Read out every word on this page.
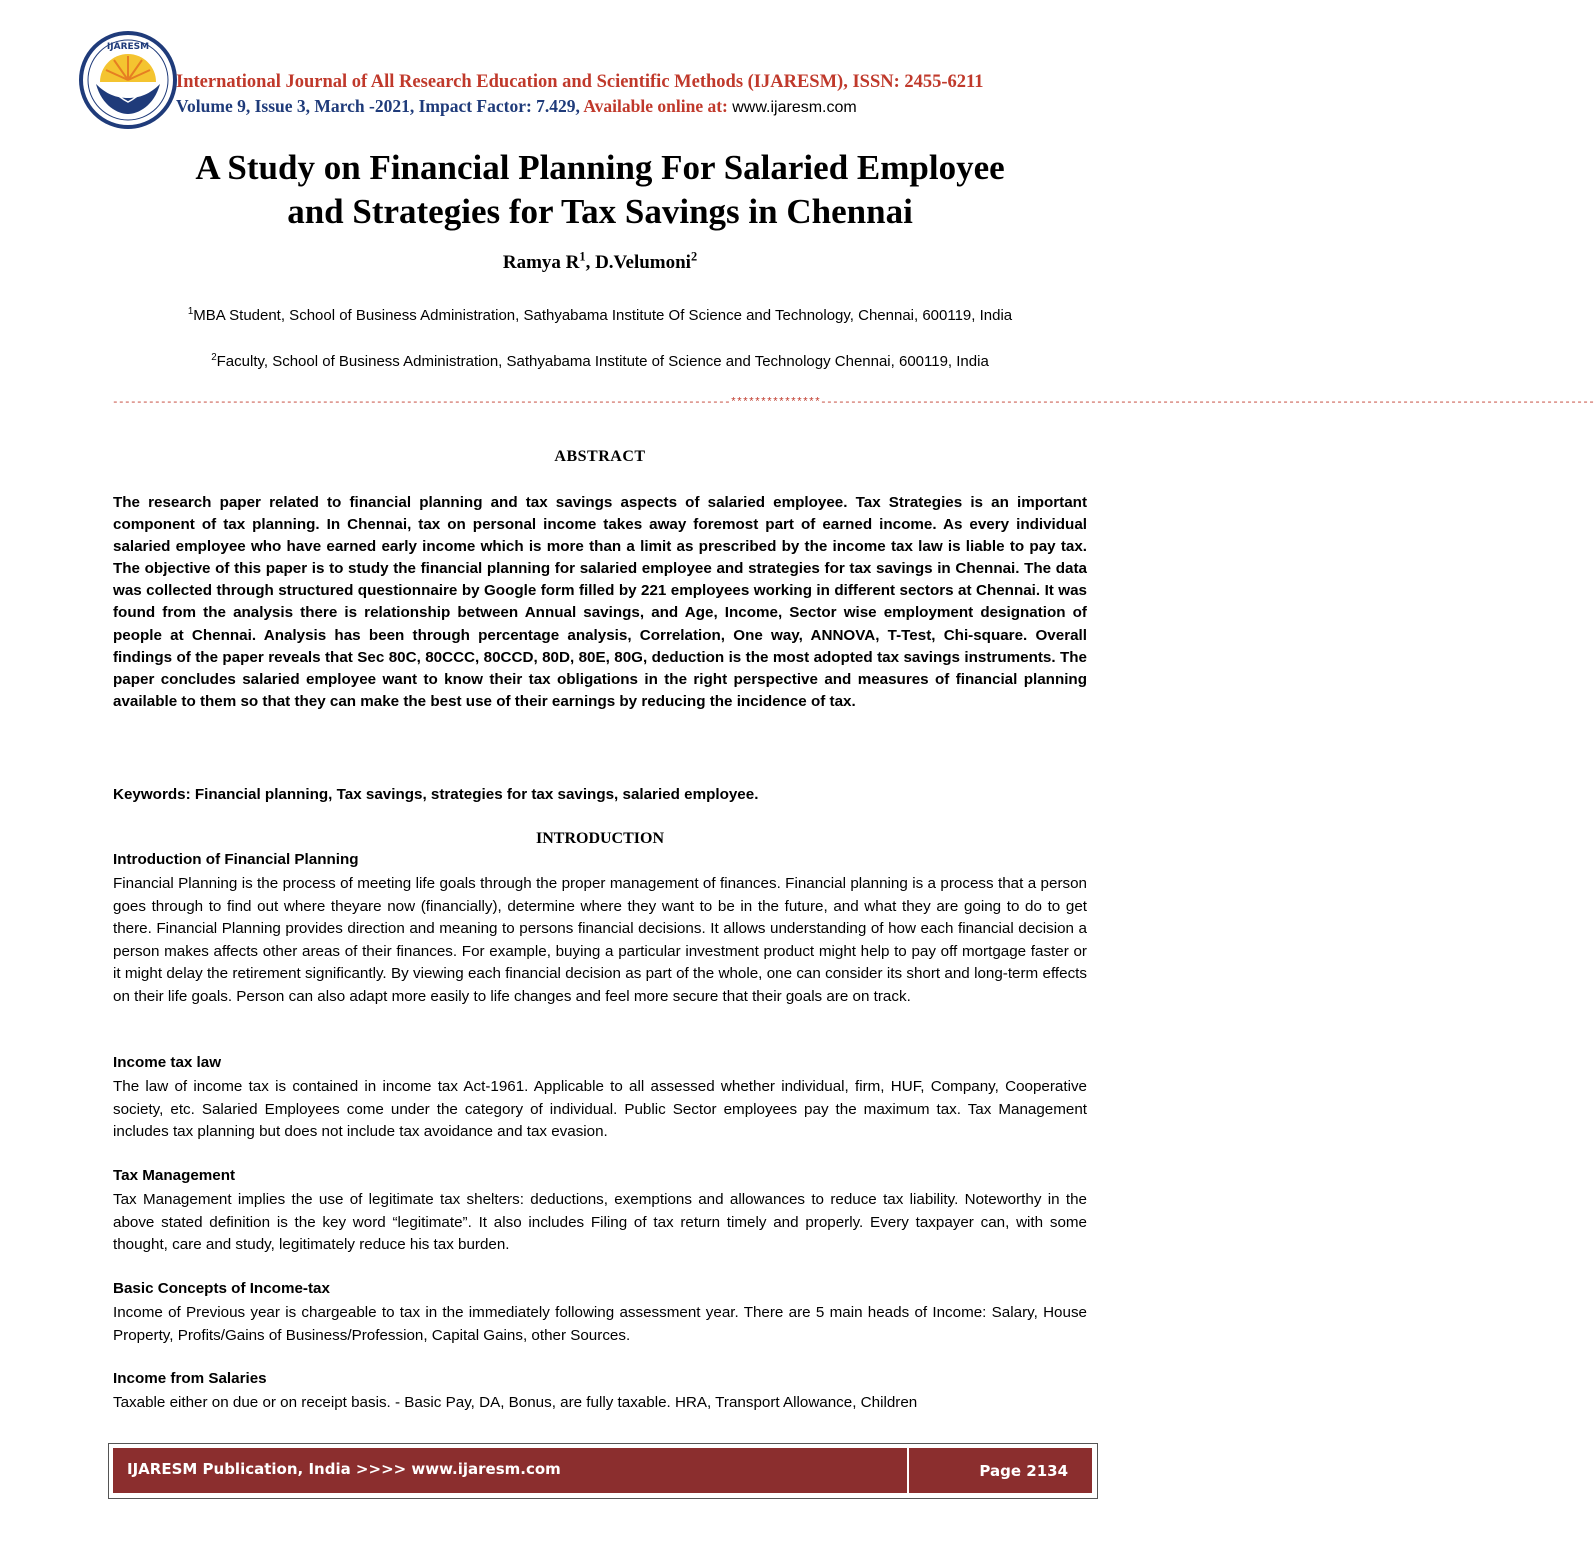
IJARESM
International Journal of All Research Education and Scientific Methods (IJARESM), ISSN: 2455-6211
Volume 9, Issue 3, March -2021, Impact Factor: 7.429, Available online at: www.ijaresm.com
A Study on Financial Planning For Salaried Employee
and Strategies for Tax Savings in Chennai
Ramya $R^1$, D.Velumoni$^2$
$^1$MBA Student, School of Business Administration, Sathyabama Institute Of Science and Technology, Chennai, 600119, India
$^2$Faculty, School of Business Administration, Sathyabama Institute of Science and Technology Chennai, 600119, India
-------------------------------------------------------------------------------------------------------***************---------------------------------------------------------------------------------------------------------------------------------
ABSTRACT
The research paper related to financial planning and tax savings aspects of salaried employee. Tax Strategies is an important component of tax planning. In Chennai, tax on personal income takes away foremost part of earned income. As every individual salaried employee who have earned early income which is more than a limit as prescribed by the income tax law is liable to pay tax. The objective of this paper is to study the financial planning for salaried employee and strategies for tax savings in Chennai. The data was collected through structured questionnaire by Google form filled by 221 employees working in different sectors at Chennai. It was found from the analysis there is relationship between Annual savings, and Age, Income, Sector wise employment designation of people at Chennai. Analysis has been through percentage analysis, Correlation, One way, ANNOVA, T-Test, Chi-square. Overall findings of the paper reveals that Sec 80C, 80CCC, 80CCD, 80D, 80E, 80G, deduction is the most adopted tax savings instruments. The paper concludes salaried employee want to know their tax obligations in the right perspective and measures of financial planning available to them so that they can make the best use of their earnings by reducing the incidence of tax.
Keywords: Financial planning, Tax savings, strategies for tax savings, salaried employee.
INTRODUCTION
Introduction of Financial Planning
Financial Planning is the process of meeting life goals through the proper management of finances. Financial planning is a process that a person goes through to find out where theyare now (financially), determine where they want to be in the future, and what they are going to do to get there. Financial Planning provides direction and meaning to persons financial decisions. It allows understanding of how each financial decision a person makes affects other areas of their finances. For example, buying a particular investment product might help to pay off mortgage faster or it might delay the retirement significantly. By viewing each financial decision as part of the whole, one can consider its short and long-term effects on their life goals. Person can also adapt more easily to life changes and feel more secure that their goals are on track.
Income tax law
The law of income tax is contained in income tax Act-1961. Applicable to all assessed whether individual, firm, HUF, Company, Cooperative society, etc. Salaried Employees come under the category of individual. Public Sector employees pay the maximum tax. Tax Management includes tax planning but does not include tax avoidance and tax evasion.
Tax Management
Tax Management implies the use of legitimate tax shelters: deductions, exemptions and allowances to reduce tax liability. Noteworthy in the above stated definition is the key word “legitimate”. It also includes Filing of tax return timely and properly. Every taxpayer can, with some thought, care and study, legitimately reduce his tax burden.
Basic Concepts of Income-tax
Income of Previous year is chargeable to tax in the immediately following assessment year. There are 5 main heads of Income: Salary, House Property, Profits/Gains of Business/Profession, Capital Gains, other Sources.
Income from Salaries
Taxable either on due or on receipt basis. - Basic Pay, DA, Bonus, are fully taxable. HRA, Transport Allowance, Children
IJARESM Publication, India >>>> www.ijaresm.com	Page 2134
